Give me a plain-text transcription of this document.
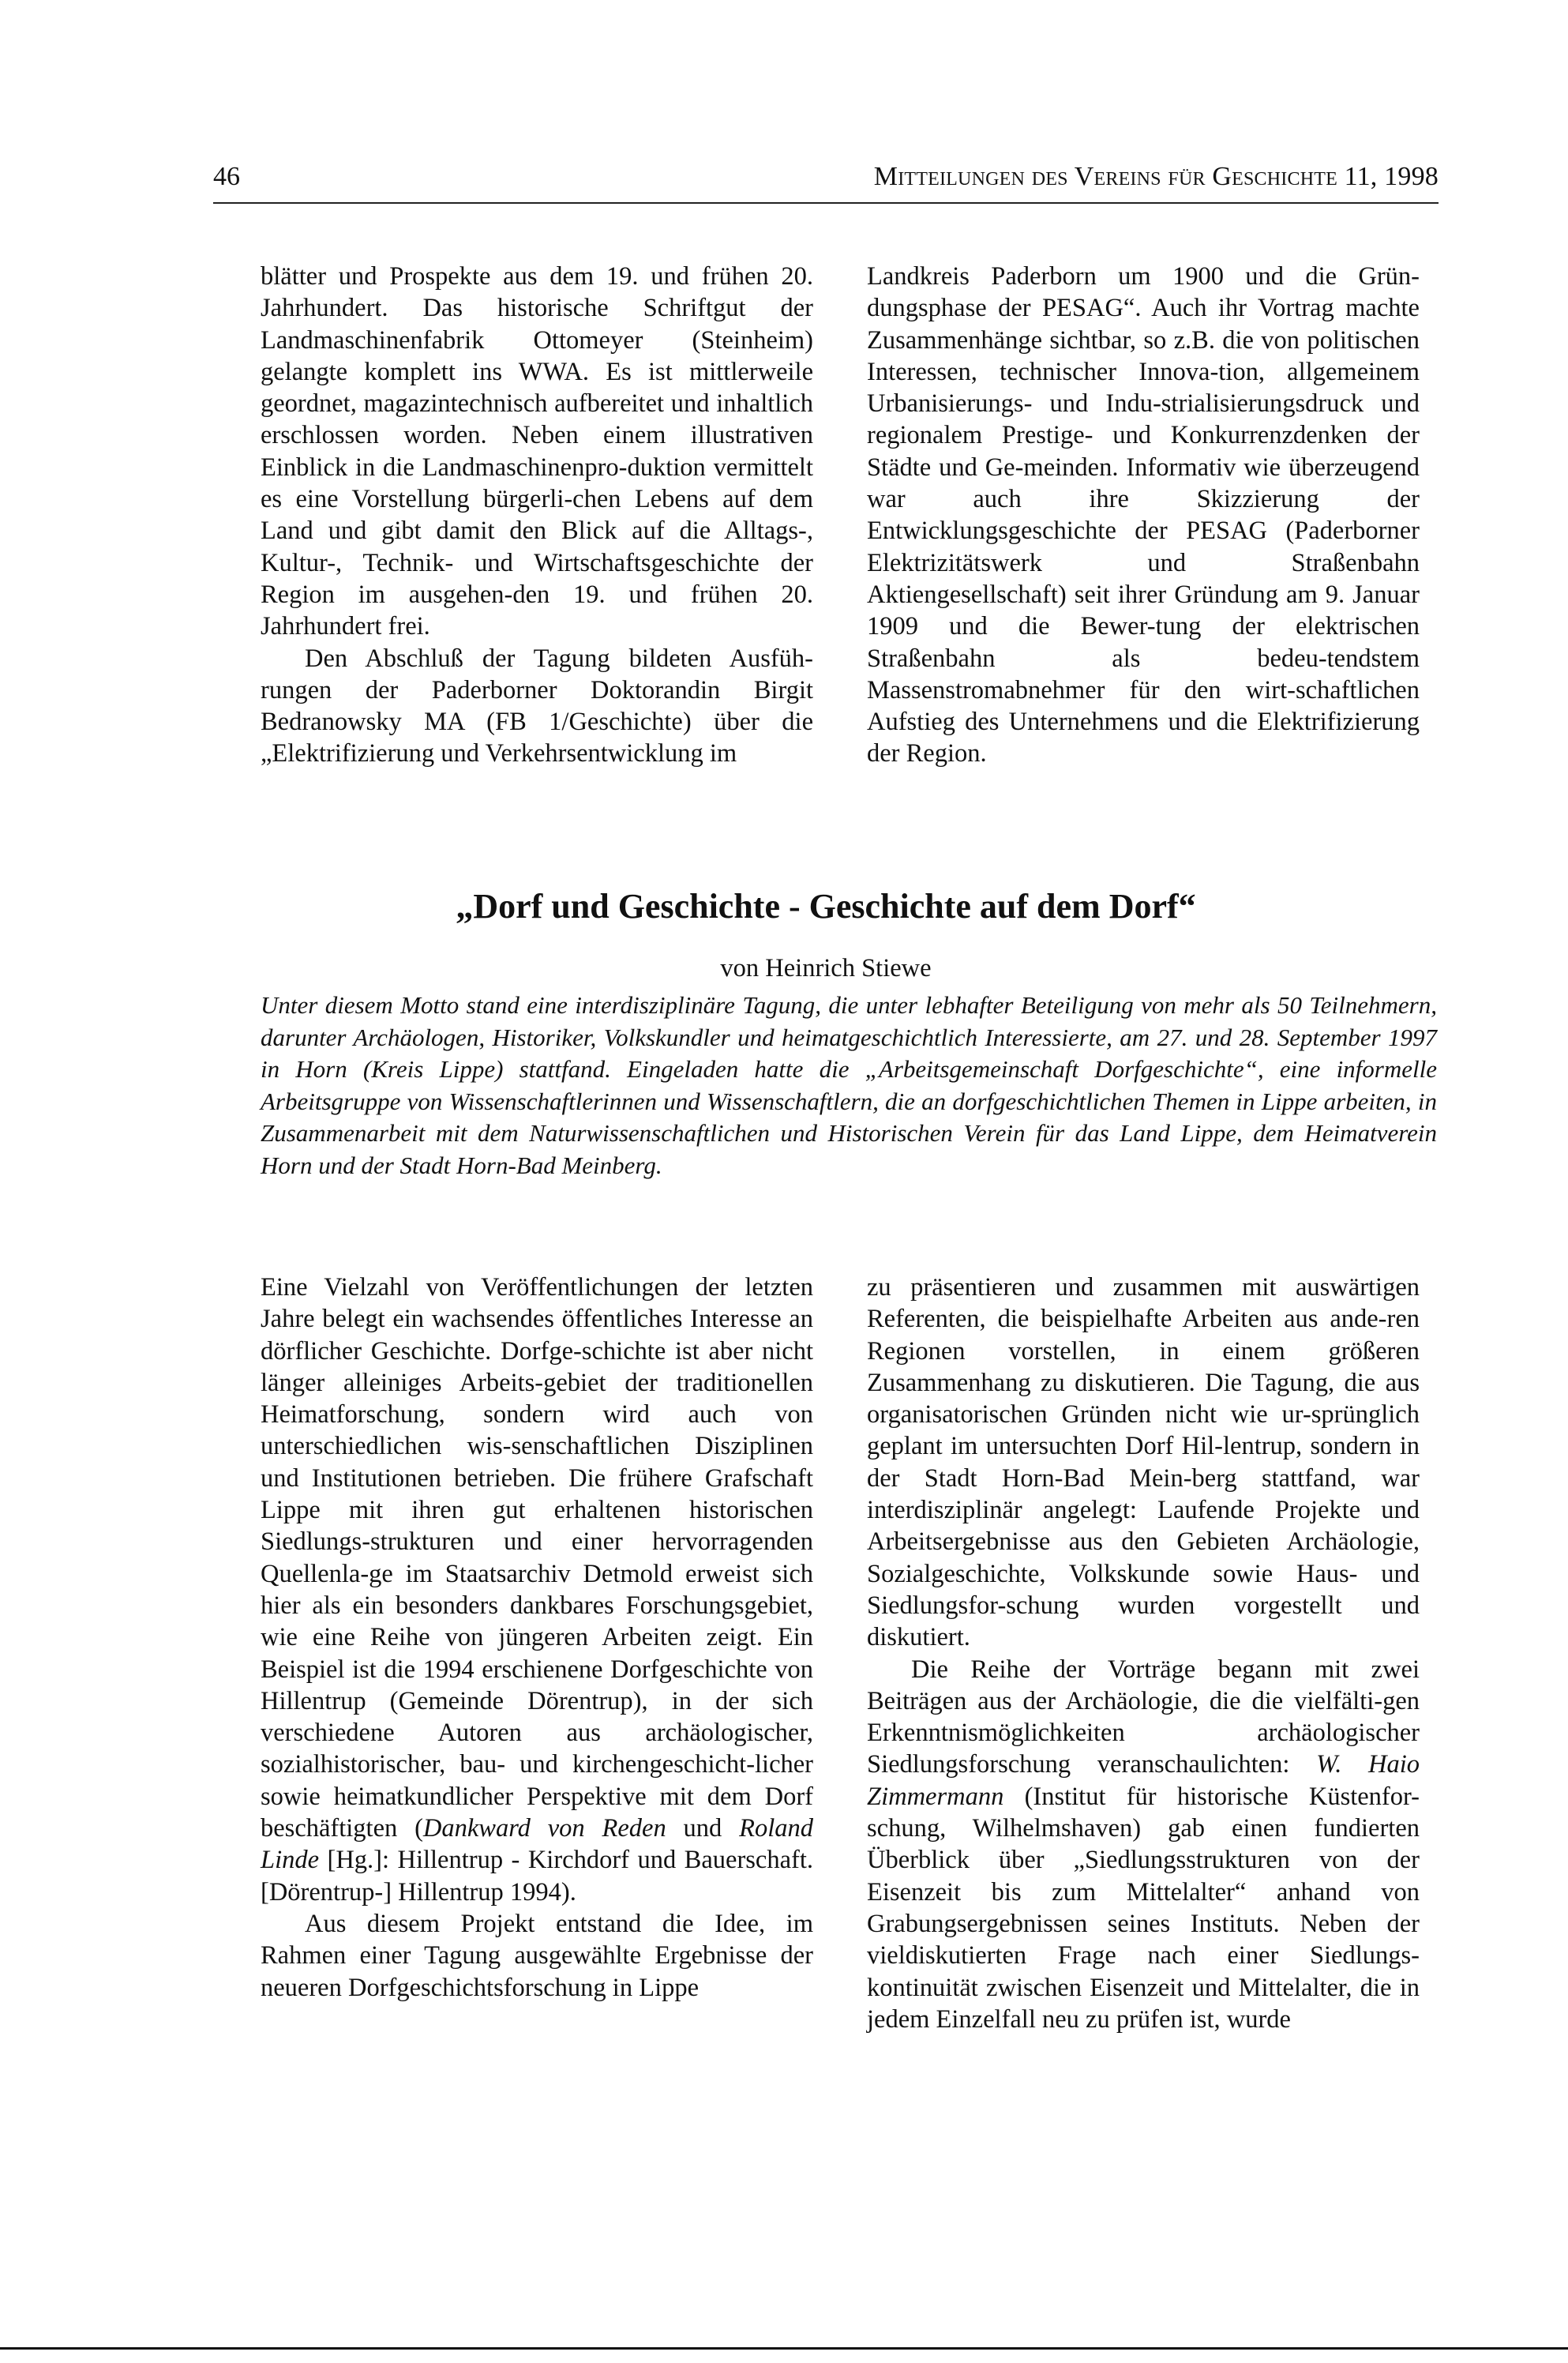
46	Mitteilungen des Vereins für Geschichte 11, 1998

blätter und Prospekte aus dem 19. und frühen 20. Jahrhundert. Das historische Schriftgut der Landmaschinenfabrik Ottomeyer (Steinheim) gelangte komplett ins WWA. Es ist mittlerweile geordnet, magazintechnisch aufbereitet und inhaltlich erschlossen worden. Neben einem illustrativen Einblick in die Landmaschinenpro-duktion vermittelt es eine Vorstellung bürgerli-chen Lebens auf dem Land und gibt damit den Blick auf die Alltags-, Kultur-, Technik- und Wirtschaftsgeschichte der Region im ausgehen-den 19. und frühen 20. Jahrhundert frei.

Den Abschluß der Tagung bildeten Ausfüh-rungen der Paderborner Doktorandin Birgit Bedranowsky MA (FB 1/Geschichte) über die „Elektrifizierung und Verkehrsentwicklung im

Landkreis Paderborn um 1900 und die Grün-dungsphase der PESAG“. Auch ihr Vortrag machte Zusammenhänge sichtbar, so z.B. die von politischen Interessen, technischer Innova-tion, allgemeinem Urbanisierungs- und Indu-strialisierungsdruck und regionalem Prestige- und Konkurrenzdenken der Städte und Ge-meinden. Informativ wie überzeugend war auch ihre Skizzierung der Entwicklungsgeschichte der PESAG (Paderborner Elektrizitätswerk und Straßenbahn Aktiengesellschaft) seit ihrer Gründung am 9. Januar 1909 und die Bewer-tung der elektrischen Straßenbahn als bedeu-tendstem Massenstromabnehmer für den wirt-schaftlichen Aufstieg des Unternehmens und die Elektrifizierung der Region.

„Dorf und Geschichte - Geschichte auf dem Dorf“
von Heinrich Stiewe

Unter diesem Motto stand eine interdisziplinäre Tagung, die unter lebhafter Beteiligung von mehr als 50 Teilnehmern, darunter Archäologen, Historiker, Volkskundler und heimatgeschichtlich Interessierte, am 27. und 28. September 1997 in Horn (Kreis Lippe) stattfand. Eingeladen hatte die „Arbeitsgemeinschaft Dorfgeschichte“, eine informelle Arbeitsgruppe von Wissenschaftlerinnen und Wissenschaftlern, die an dorfgeschichtlichen Themen in Lippe arbeiten, in Zusammenarbeit mit dem Naturwissenschaftlichen und Historischen Verein für das Land Lippe, dem Heimatverein Horn und der Stadt Horn-Bad Meinberg.

Eine Vielzahl von Veröffentlichungen der letzten Jahre belegt ein wachsendes öffentliches Interesse an dörflicher Geschichte. Dorfge-schichte ist aber nicht länger alleiniges Arbeits-gebiet der traditionellen Heimatforschung, sondern wird auch von unterschiedlichen wis-senschaftlichen Disziplinen und Institutionen betrieben. Die frühere Grafschaft Lippe mit ihren gut erhaltenen historischen Siedlungs-strukturen und einer hervorragenden Quellenla-ge im Staatsarchiv Detmold erweist sich hier als ein besonders dankbares Forschungsgebiet, wie eine Reihe von jüngeren Arbeiten zeigt. Ein Beispiel ist die 1994 erschienene Dorfgeschichte von Hillentrup (Gemeinde Dörentrup), in der sich verschiedene Autoren aus archäologischer, sozialhistorischer, bau- und kirchengeschicht-licher sowie heimatkundlicher Perspektive mit dem Dorf beschäftigten (Dankward von Reden und Roland Linde [Hg.]: Hillentrup - Kirchdorf und Bauerschaft. [Dörentrup-] Hillentrup 1994).

Aus diesem Projekt entstand die Idee, im Rahmen einer Tagung ausgewählte Ergebnisse der neueren Dorfgeschichtsforschung in Lippe

zu präsentieren und zusammen mit auswärtigen Referenten, die beispielhafte Arbeiten aus ande-ren Regionen vorstellen, in einem größeren Zusammenhang zu diskutieren. Die Tagung, die aus organisatorischen Gründen nicht wie ur-sprünglich geplant im untersuchten Dorf Hil-lentrup, sondern in der Stadt Horn-Bad Mein-berg stattfand, war interdisziplinär angelegt: Laufende Projekte und Arbeitsergebnisse aus den Gebieten Archäologie, Sozialgeschichte, Volkskunde sowie Haus- und Siedlungsfor-schung wurden vorgestellt und diskutiert.

Die Reihe der Vorträge begann mit zwei Beiträgen aus der Archäologie, die die vielfälti-gen Erkenntnismöglichkeiten archäologischer Siedlungsforschung veranschaulichten: W. Haio Zimmermann (Institut für historische Küstenfor-schung, Wilhelmshaven) gab einen fundierten Überblick über „Siedlungsstrukturen von der Eisenzeit bis zum Mittelalter“ anhand von Grabungsergebnissen seines Instituts. Neben der vieldiskutierten Frage nach einer Siedlungs-kontinuität zwischen Eisenzeit und Mittelalter, die in jedem Einzelfall neu zu prüfen ist, wurde
